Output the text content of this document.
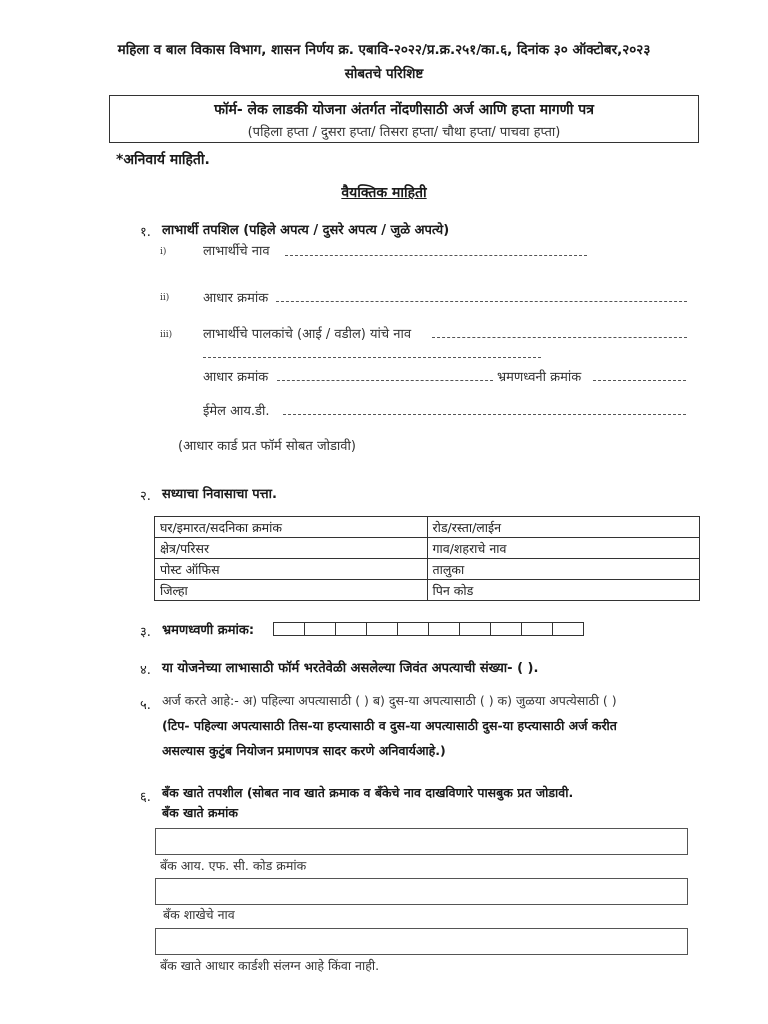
महिला व बाल विकास विभाग, शासन निर्णय क्र. एबावि-२०२२/प्र.क्र.२५१/का.६, दिनांक ३० ऑक्टोबर,२०२३
सोबतचे परिशिष्ट
फॉर्म- लेक लाडकी योजना अंतर्गत नोंदणीसाठी अर्ज आणि हप्ता मागणी पत्र
(पहिला हप्ता / दुसरा हप्ता/ तिसरा हप्ता/ चौथा हप्ता/ पाचवा हप्ता)
*अनिवार्य माहिती.
वैयक्तिक माहिती
१. लाभार्थी तपशिल (पहिले अपत्य / दुसरे अपत्य / जुळे अपत्ये)
i)	लाभार्थीचे नाव
ii)	आधार क्रमांक
iii) लाभार्थीचे पालकांचे (आई / वडील) यांचे नाव
आधार क्रमांक	भ्रमणध्वनी क्रमांक
ईमेल आय.डी.
(आधार कार्ड प्रत फॉर्म सोबत जोडावी)
२. सध्याचा निवासाचा पत्ता.
घर/इमारत/सदनिका क्रमांक	रोड/रस्ता/लाईन
क्षेत्र/परिसर	गाव/शहराचे नाव
पोस्ट ऑफिस	तालुका
जिल्हा	पिन कोड
३. भ्रमणध्वणी क्रमांक:
४. या योजनेच्या लाभासाठी फॉर्म भरतेवेळी असलेल्या जिवंत अपत्याची संख्या- ( ).
५. अर्ज करते आहे:- अ) पहिल्या अपत्यासाठी ( ) ब) दुस-या अपत्यासाठी ( ) क) जुळया अपत्येसाठी ( )
(टिप- पहिल्या अपत्यासाठी तिस-या हप्त्यासाठी व दुस-या अपत्यासाठी दुस-या हप्त्यासाठी अर्ज करीत
असल्यास कुटुंब नियोजन प्रमाणपत्र सादर करणे अनिवार्यआहे.)
६. बँक खाते तपशील (सोबत नाव खाते क्रमाक व बँकेचे नाव दाखविणारे पासबुक प्रत जोडावी.
बँक खाते क्रमांक
बँक आय. एफ. सी. कोड क्रमांक
बँक शाखेचे नाव
बँक खाते आधार कार्डशी संलग्न आहे किंवा नाही.
